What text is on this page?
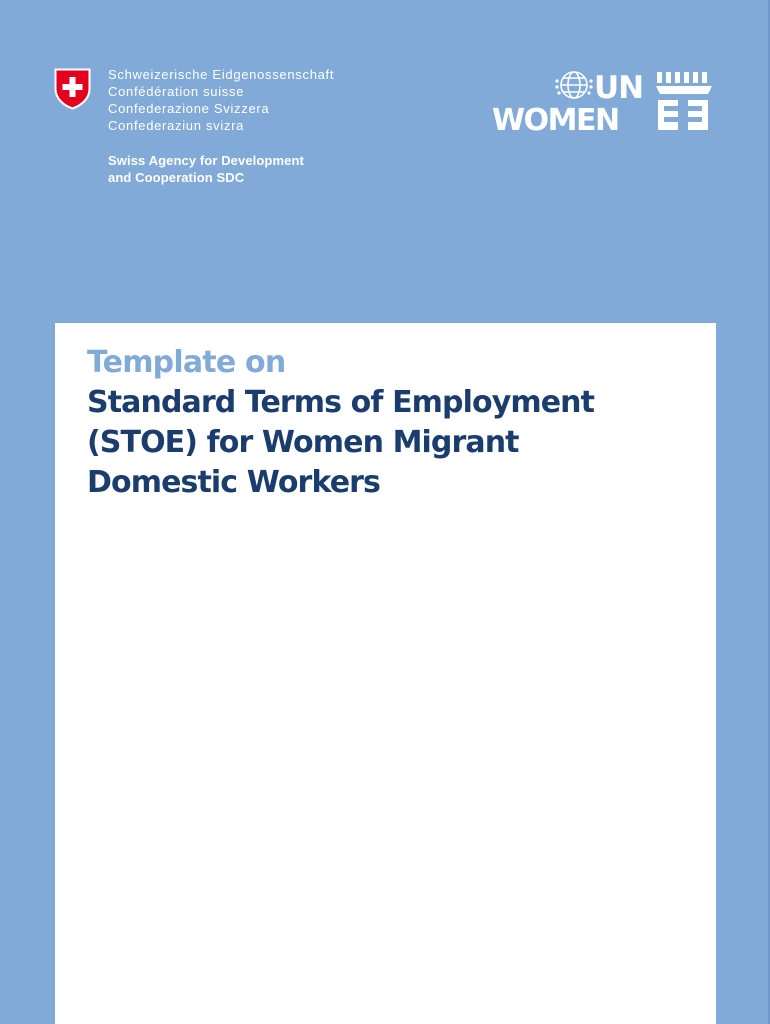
Schweizerische Eidgenossenschaft
Confédération suisse
Confederazione Svizzera
Confederaziun svizra
Swiss Agency for Development
and Cooperation SDC
UN
WOMEN
Template on
Standard Terms of Employment
(STOE) for Women Migrant
Domestic Workers
